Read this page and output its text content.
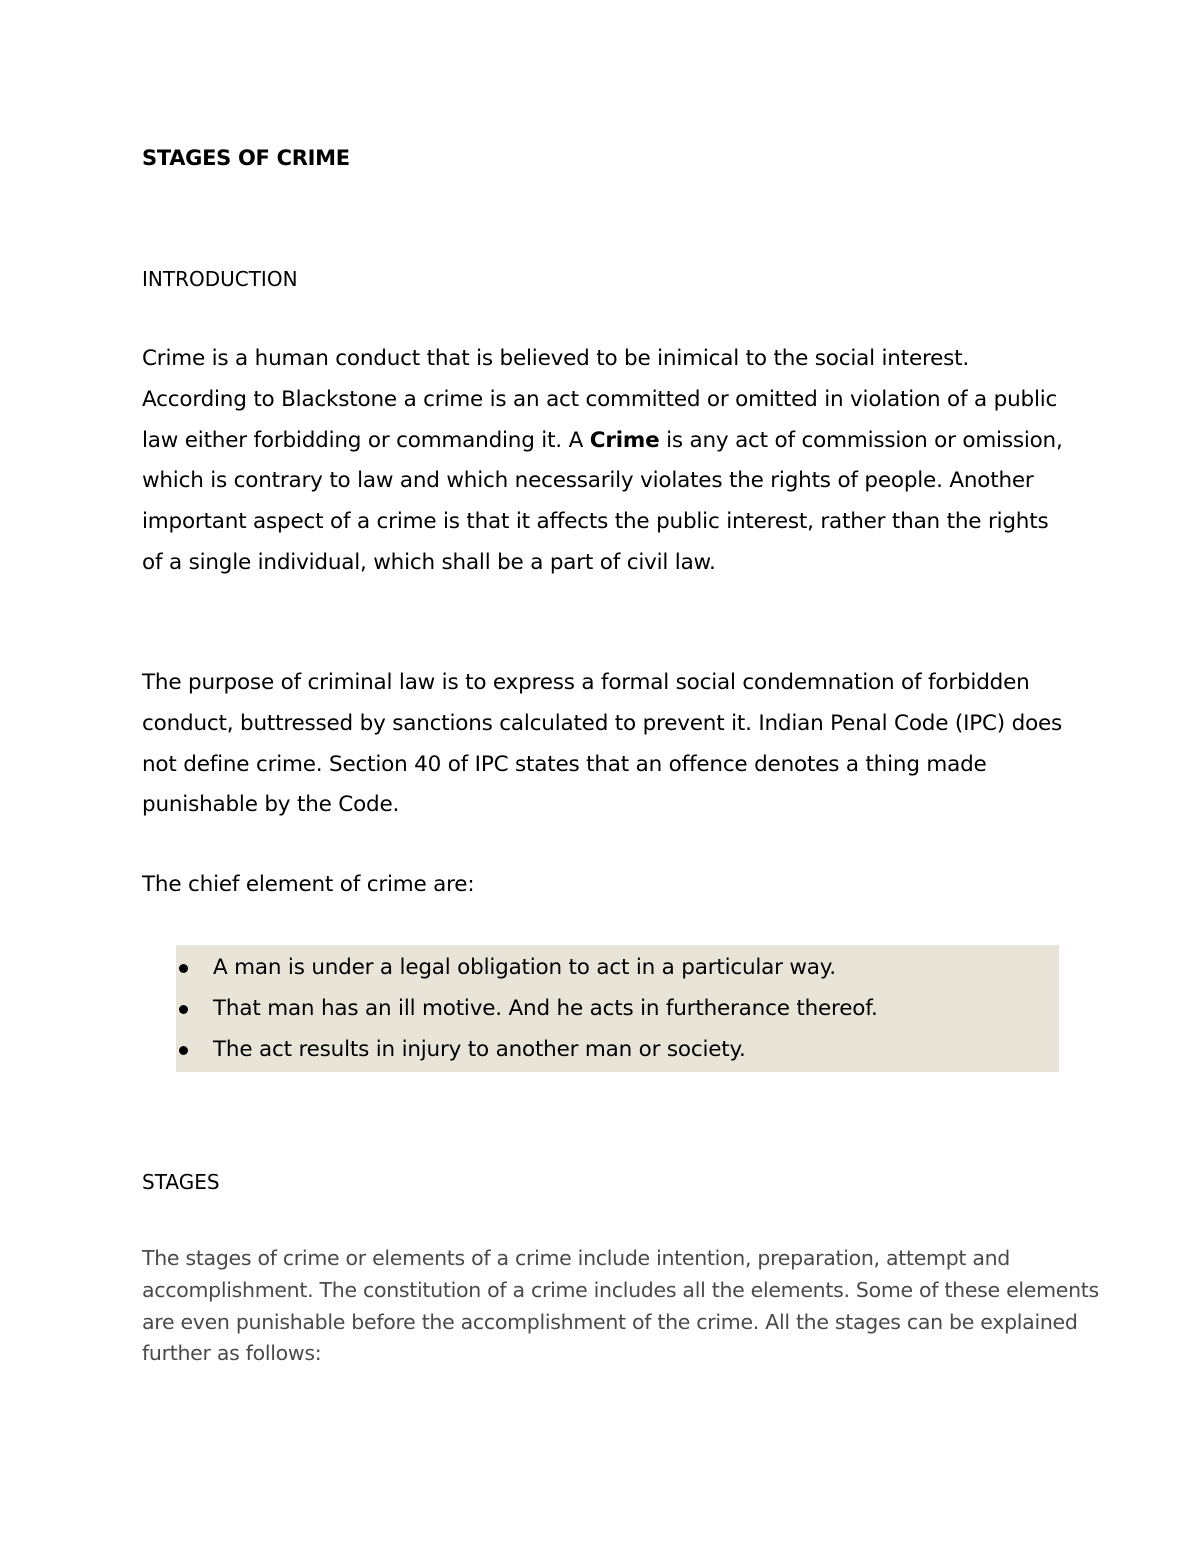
STAGES OF CRIME
INTRODUCTION

Crime is a human conduct that is believed to be inimical to the social interest. According to Blackstone a crime is an act committed or omitted in violation of a public law either forbidding or commanding it. A Crime is any act of commission or omission, which is contrary to law and which necessarily violates the rights of people. Another important aspect of a crime is that it affects the public interest, rather than the rights of a single individual, which shall be a part of civil law.

The purpose of criminal law is to express a formal social condemnation of forbidden conduct, buttressed by sanctions calculated to prevent it. Indian Penal Code (IPC) does not define crime. Section 40 of IPC states that an offence denotes a thing made punishable by the Code.

The chief element of crime are:

A man is under a legal obligation to act in a particular way.
That man has an ill motive. And he acts in furtherance thereof.
The act results in injury to another man or society.
STAGES

The stages of crime or elements of a crime include intention, preparation, attempt and accomplishment. The constitution of a crime includes all the elements. Some of these elements are even punishable before the accomplishment of the crime. All the stages can be explained further as follows:
